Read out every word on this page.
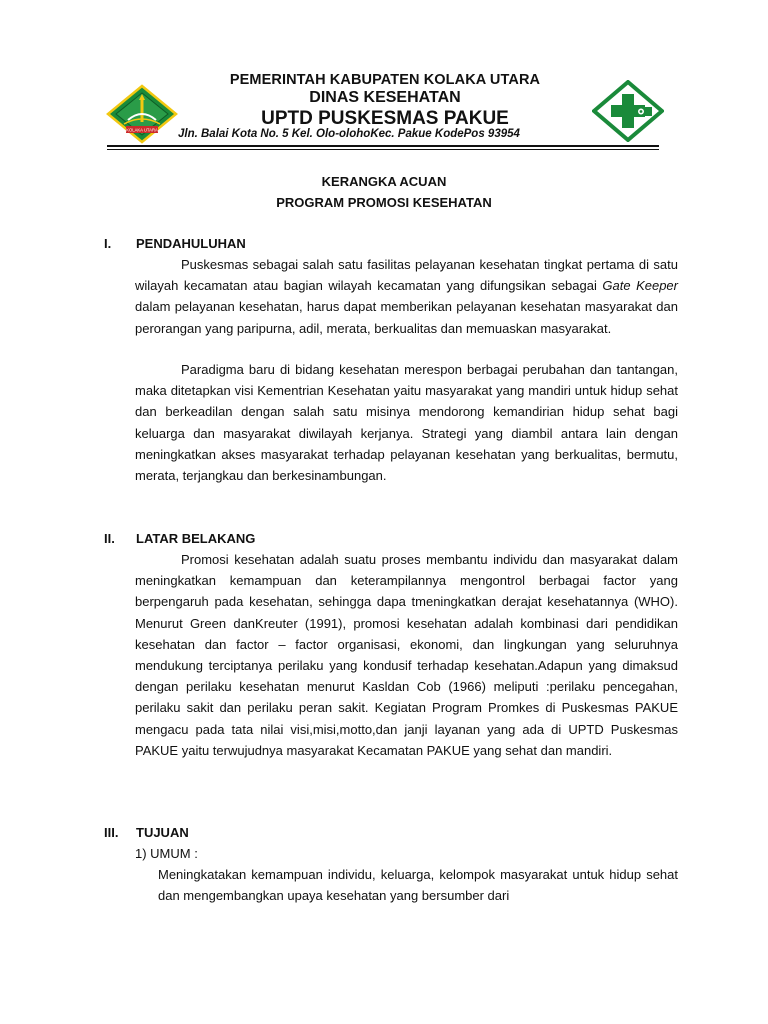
KOLAKA UTARA
PEMERINTAH KABUPATEN KOLAKA UTARA
DINAS KESEHATAN
UPTD PUSKESMAS PAKUE
Jln. Balai Kota No. 5 Kel. Olo-olohoKec. Pakue KodePos 93954
KERANGKA ACUAN
PROGRAM PROMOSI KESEHATAN
I. PENDAHULUHAN

Puskesmas sebagai salah satu fasilitas pelayanan kesehatan tingkat pertama di satu wilayah kecamatan atau bagian wilayah kecamatan yang difungsikan sebagai Gate Keeper dalam pelayanan kesehatan, harus dapat memberikan pelayanan kesehatan masyarakat dan perorangan yang paripurna, adil, merata, berkualitas dan memuaskan masyarakat.

Paradigma baru di bidang kesehatan merespon berbagai perubahan dan tantangan, maka ditetapkan visi Kementrian Kesehatan yaitu masyarakat yang mandiri untuk hidup sehat dan berkeadilan dengan salah satu misinya mendorong kemandirian hidup sehat bagi keluarga dan masyarakat diwilayah kerjanya. Strategi yang diambil antara lain dengan meningkatkan akses masyarakat terhadap pelayanan kesehatan yang berkualitas, bermutu, merata, terjangkau dan berkesinambungan.

II. LATAR BELAKANG

Promosi kesehatan adalah suatu proses membantu individu dan masyarakat dalam meningkatkan kemampuan dan keterampilannya mengontrol berbagai factor yang berpengaruh pada kesehatan, sehingga dapa tmeningkatkan derajat kesehatannya (WHO). Menurut Green danKreuter (1991), promosi kesehatan adalah kombinasi dari pendidikan kesehatan dan factor – factor organisasi, ekonomi, dan lingkungan yang seluruhnya mendukung terciptanya perilaku yang kondusif terhadap kesehatan.Adapun yang dimaksud dengan perilaku kesehatan menurut Kasldan Cob (1966) meliputi :perilaku pencegahan, perilaku sakit dan perilaku peran sakit. Kegiatan Program Promkes di Puskesmas PAKUE mengacu pada tata nilai visi,misi,motto,dan janji layanan yang ada di UPTD Puskesmas PAKUE yaitu terwujudnya masyarakat Kecamatan PAKUE yang sehat dan mandiri.

III. TUJUAN
1) UMUM :

Meningkatakan kemampuan individu, keluarga, kelompok masyarakat untuk hidup sehat dan mengembangkan upaya kesehatan yang bersumber dari
